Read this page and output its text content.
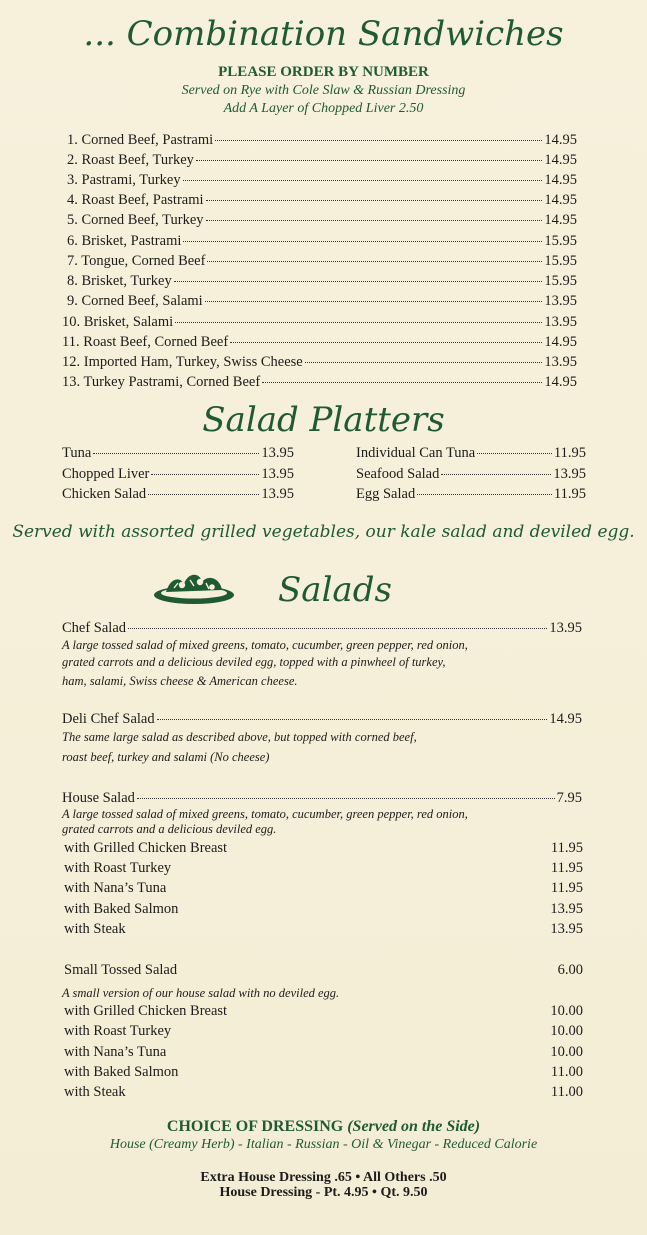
... Combination Sandwiches
PLEASE ORDER BY NUMBER
Served on Rye with Cole Slaw & Russian Dressing
Add A Layer of Chopped Liver 2.50
1. Corned Beef, Pastrami	14.95
2. Roast Beef, Turkey	14.95
3. Pastrami, Turkey	14.95
4. Roast Beef, Pastrami	14.95
5. Corned Beef, Turkey	14.95
6. Brisket, Pastrami	15.95
7. Tongue, Corned Beef	15.95
8. Brisket, Turkey	15.95
9. Corned Beef, Salami	13.95
10. Brisket, Salami	13.95
11. Roast Beef, Corned Beef	14.95
12. Imported Ham, Turkey, Swiss Cheese	13.95
13. Turkey Pastrami, Corned Beef	14.95
Salad Platters
Tuna	13.95
Chopped Liver	13.95
Chicken Salad	13.95
Individual Can Tuna	11.95
Seafood Salad	13.95
Egg Salad	11.95
Served with assorted grilled vegetables, our kale salad and deviled egg.
Salads
Chef Salad	13.95
A large tossed salad of mixed greens, tomato, cucumber, green pepper, red onion,
grated carrots and a delicious deviled egg, topped with a pinwheel of turkey,
ham, salami, Swiss cheese & American cheese.
Deli Chef Salad	14.95
The same large salad as described above, but topped with corned beef,
roast beef, turkey and salami (No cheese)
House Salad	7.95
A large tossed salad of mixed greens, tomato, cucumber, green pepper, red onion,
grated carrots and a delicious deviled egg.
with Grilled Chicken Breast	11.95
with Roast Turkey	11.95
with Nana’s Tuna	11.95
with Baked Salmon	13.95
with Steak	13.95
Small Tossed Salad	6.00
A small version of our house salad with no deviled egg.
with Grilled Chicken Breast	10.00
with Roast Turkey	10.00
with Nana’s Tuna	10.00
with Baked Salmon	11.00
with Steak	11.00
CHOICE OF DRESSING (Served on the Side)
House (Creamy Herb) - Italian - Russian - Oil & Vinegar - Reduced Calorie
Extra House Dressing .65 • All Others .50
House Dressing - Pt. 4.95 • Qt. 9.50
